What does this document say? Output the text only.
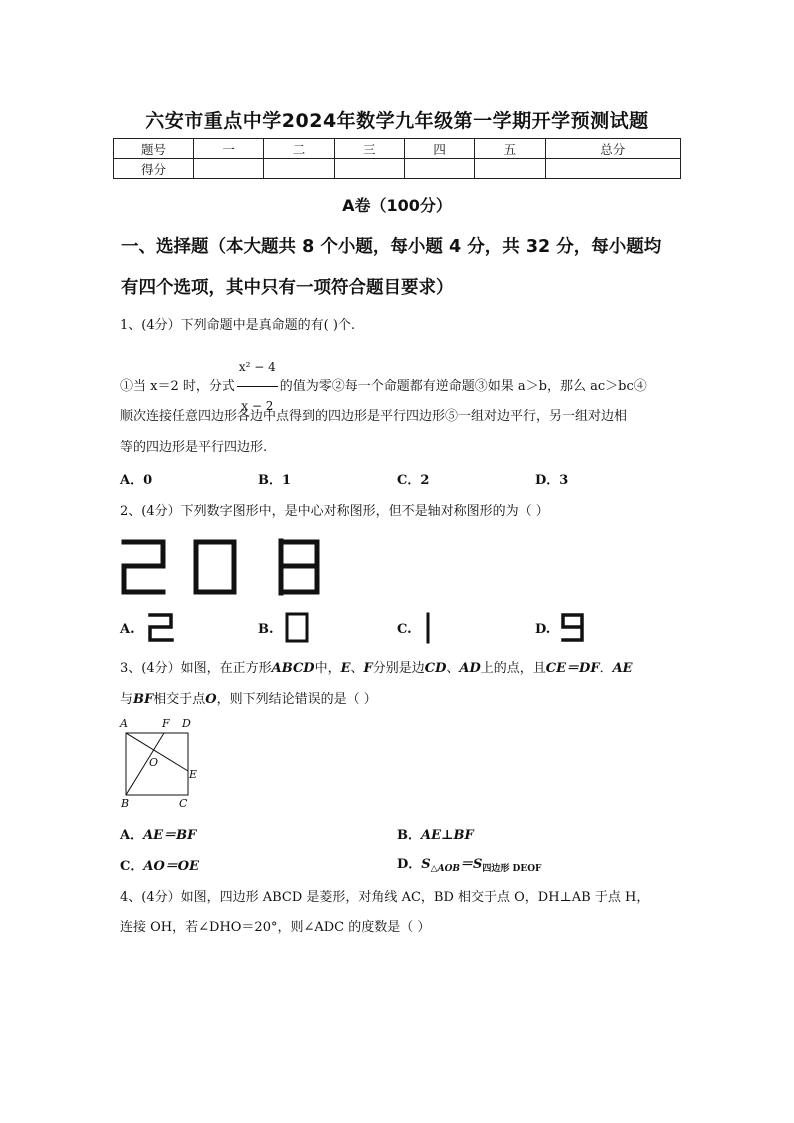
六安市重点中学2024年数学九年级第一学期开学预测试题
题号	一	二	三	四	五	总分
得分						
A卷（100分）
一、选择题（本大题共 8 个小题，每小题 4 分，共 32 分，每小题均
有四个选项，其中只有一项符合题目要求）
1、(4分）下列命题中是真命题的有( )个.
①当 x＝2 时，分式 $\frac{\text{x² − 4}}{x - 2}$ 的值为零②每一个命题都有逆命题③如果 a＞b，那么 ac＞bc④
顺次连接任意四边形各边中点得到的四边形是平行四边形⑤一组对边平行，另一组对边相
等的四边形是平行四边形.
A．0	B．1	C．2	D．3
2、(4分）下列数字图形中，是中心对称图形，但不是轴对称图形的为（ ）
A.	B.	C.	D.
3、(4分）如图，在正方形ABCD中，E、F分别是边CD、AD上的点，且CE＝DF．AE
与BF相交于点O，则下列结论错误的是（ ）
A	F D
O
E
B	C
A．AE＝BF	B．AE⊥BF
C．AO＝OE	D．$S_{\triangle AOB}=S_{四边形 DEOF}$
4、(4分）如图，四边形 ABCD 是菱形，对角线 AC，BD 相交于点 O，DH⊥AB 于点 H，
连接 OH，若∠DHO＝20°，则∠ADC 的度数是（ ）
